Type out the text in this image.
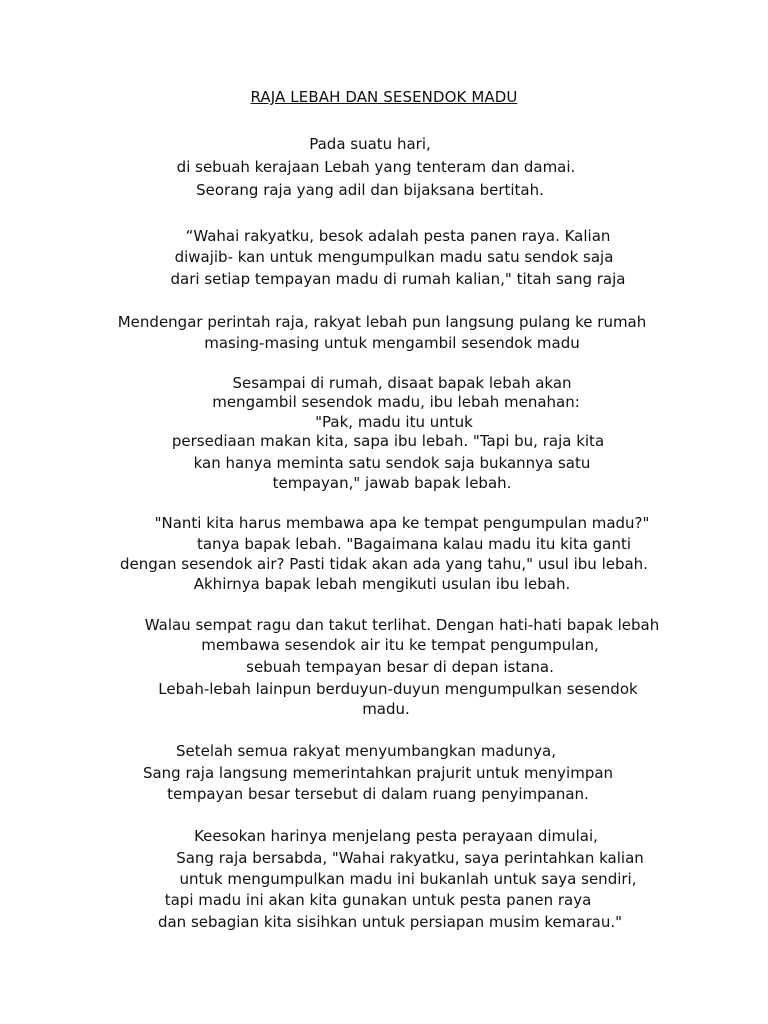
RAJA LEBAH DAN SESENDOK MADU
Pada suatu hari,
di sebuah kerajaan Lebah yang tenteram dan damai.
Seorang raja yang adil dan bijaksana bertitah.
“Wahai rakyatku, besok adalah pesta panen raya. Kalian
diwajib- kan untuk mengumpulkan madu satu sendok saja
dari setiap tempayan madu di rumah kalian," titah sang raja
Mendengar perintah raja, rakyat lebah pun langsung pulang ke rumah
masing-masing untuk mengambil sesendok madu
Sesampai di rumah, disaat bapak lebah akan
mengambil sesendok madu, ibu lebah menahan:
"Pak, madu itu untuk
persediaan makan kita, sapa ibu lebah. "Tapi bu, raja kita
kan hanya meminta satu sendok saja bukannya satu
tempayan," jawab bapak lebah.
"Nanti kita harus membawa apa ke tempat pengumpulan madu?"
tanya bapak lebah. "Bagaimana kalau madu itu kita ganti
dengan sesendok air? Pasti tidak akan ada yang tahu," usul ibu lebah.
Akhirnya bapak lebah mengikuti usulan ibu lebah.
Walau sempat ragu dan takut terlihat. Dengan hati-hati bapak lebah
membawa sesendok air itu ke tempat pengumpulan,
sebuah tempayan besar di depan istana.
Lebah-lebah lainpun berduyun-duyun mengumpulkan sesendok
madu.
Setelah semua rakyat menyumbangkan madunya,
Sang raja langsung memerintahkan prajurit untuk menyimpan
tempayan besar tersebut di dalam ruang penyimpanan.
Keesokan harinya menjelang pesta perayaan dimulai,
Sang raja bersabda, "Wahai rakyatku, saya perintahkan kalian
untuk mengumpulkan madu ini bukanlah untuk saya sendiri,
tapi madu ini akan kita gunakan untuk pesta panen raya
dan sebagian kita sisihkan untuk persiapan musim kemarau."
